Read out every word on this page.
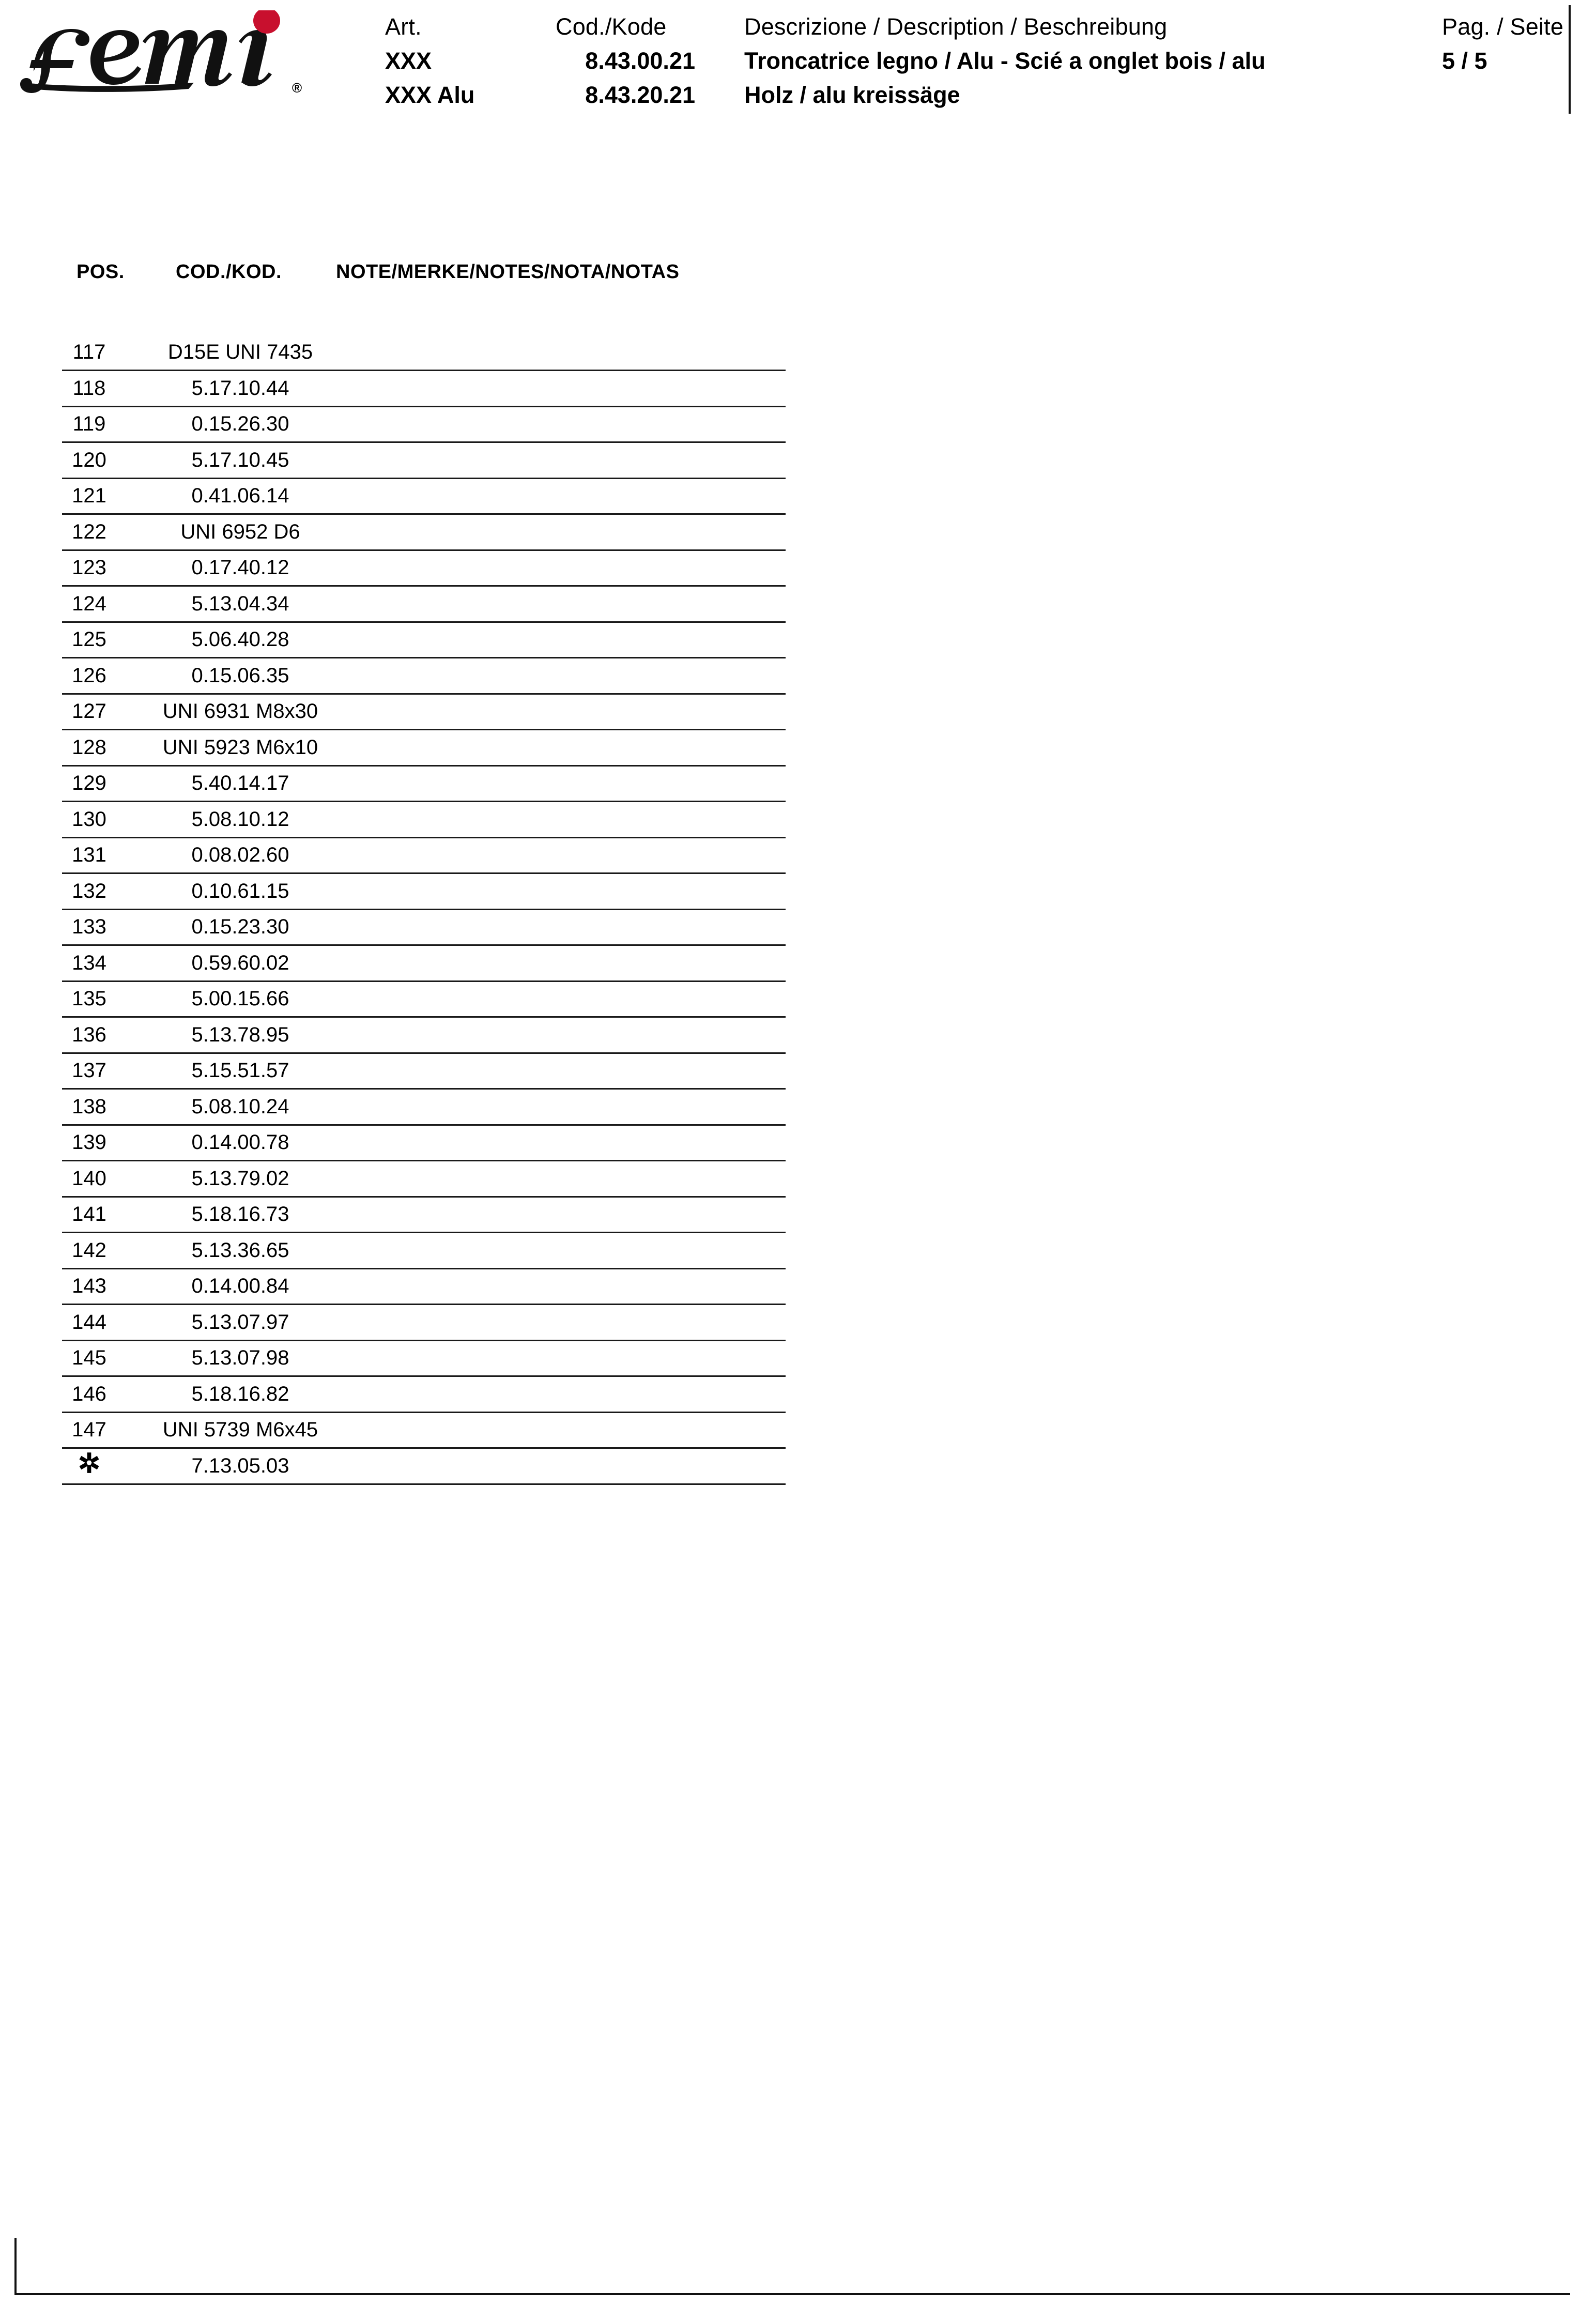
®
Art.
XXX
XXX Alu
Cod./Kode
8.43.00.21
8.43.20.21
Descrizione / Description / Beschreibung
Troncatrice legno / Alu - Scié a onglet bois / alu
Holz / alu kreissäge
Pag. / Seite
5 / 5
POS.	COD./KOD.	NOTE/MERKE/NOTES/NOTA/NOTAS
117	D15E UNI 7435
118	5.17.10.44
119	0.15.26.30
120	5.17.10.45
121	0.41.06.14
122	UNI 6952 D6
123	0.17.40.12
124	5.13.04.34
125	5.06.40.28
126	0.15.06.35
127	UNI 6931 M8x30
128	UNI 5923 M6x10
129	5.40.14.17
130	5.08.10.12
131	0.08.02.60
132	0.10.61.15
133	0.15.23.30
134	0.59.60.02
135	5.00.15.66
136	5.13.78.95
137	5.15.51.57
138	5.08.10.24
139	0.14.00.78
140	5.13.79.02
141	5.18.16.73
142	5.13.36.65
143	0.14.00.84
144	5.13.07.97
145	5.13.07.98
146	5.18.16.82
147	UNI 5739 M6x45
✲	7.13.05.03
